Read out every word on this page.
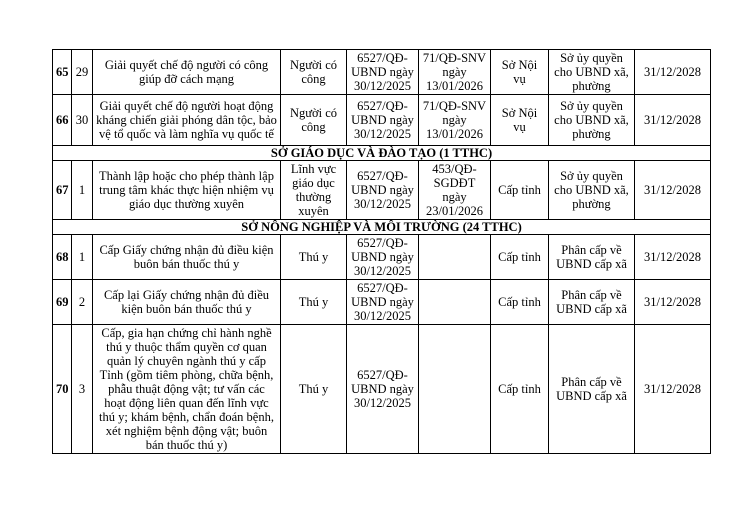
65	29	Giải quyết chế độ người có công giúp đỡ cách mạng	Người có công	6527/QĐ-UBND ngày 30/12/2025	71/QĐ-SNV ngày 13/01/2026	Sở Nội vụ	Sở ủy quyền cho UBND xã, phường	31/12/2028
66	30	Giải quyết chế độ người hoạt động kháng chiến giải phóng dân tộc, bảo vệ tổ quốc và làm nghĩa vụ quốc tế	Người có công	6527/QĐ-UBND ngày 30/12/2025	71/QĐ-SNV ngày 13/01/2026	Sở Nội vụ	Sở ủy quyền cho UBND xã, phường	31/12/2028
SỞ GIÁO DỤC VÀ ĐÀO TẠO (1 TTHC)								
67	1	Thành lập hoặc cho phép thành lập trung tâm khác thực hiện nhiệm vụ giáo dục thường xuyên	Lĩnh vực giáo dục thường xuyên	6527/QĐ-UBND ngày 30/12/2025	453/QĐ-SGDĐT ngày 23/01/2026	Cấp tỉnh	Sở ủy quyền cho UBND xã, phường	31/12/2028
SỞ NÔNG NGHIỆP VÀ MÔI TRƯỜNG (24 TTHC)								
68	1	Cấp Giấy chứng nhận đủ điều kiện buôn bán thuốc thú y	Thú y	6527/QĐ-UBND ngày 30/12/2025		Cấp tỉnh	Phân cấp về UBND cấp xã	31/12/2028
69	2	Cấp lại Giấy chứng nhận đủ điều kiện buôn bán thuốc thú y	Thú y	6527/QĐ-UBND ngày 30/12/2025		Cấp tỉnh	Phân cấp về UBND cấp xã	31/12/2028
70	3	Cấp, gia hạn chứng chỉ hành nghề thú y thuộc thẩm quyền cơ quan quản lý chuyên ngành thú y cấp Tỉnh (gồm tiêm phòng, chữa bệnh, phẫu thuật động vật; tư vấn các hoạt động liên quan đến lĩnh vực thú y; khám bệnh, chẩn đoán bệnh, xét nghiệm bệnh động vật; buôn bán thuốc thú y)	Thú y	6527/QĐ-UBND ngày 30/12/2025		Cấp tỉnh	Phân cấp về UBND cấp xã	31/12/2028
